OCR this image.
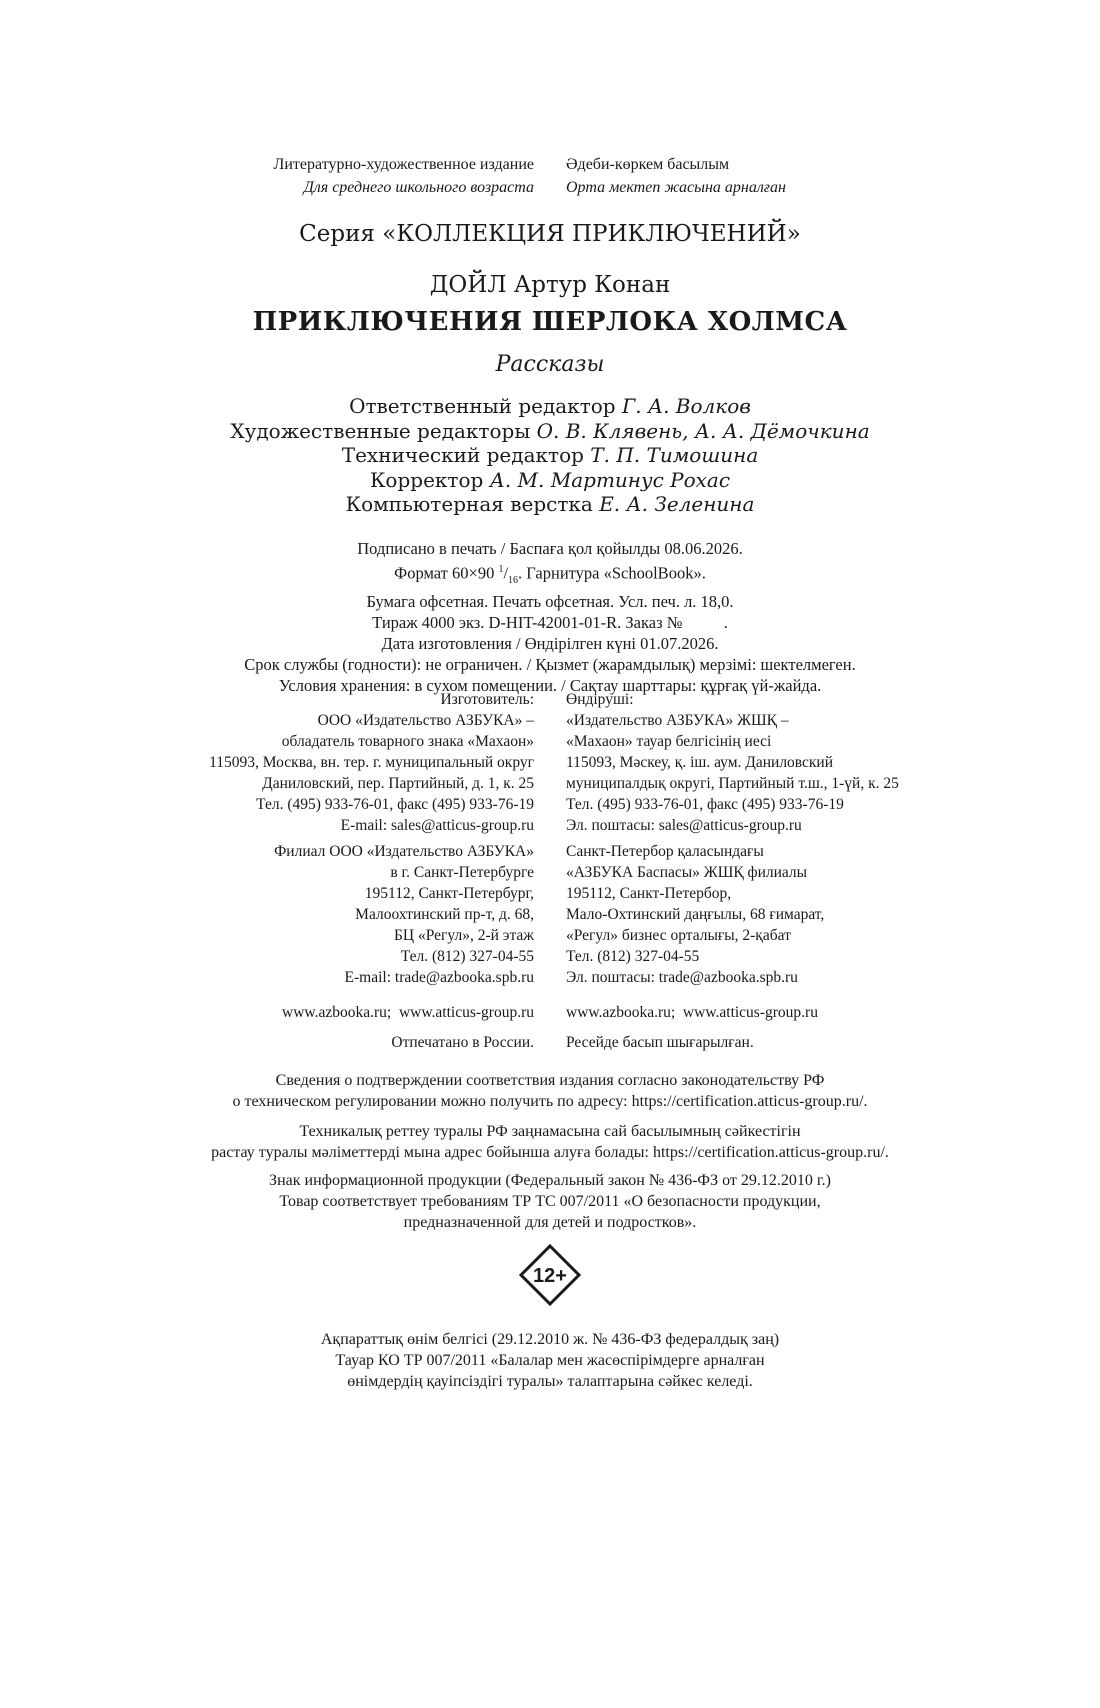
Литературно-художественное издание
Для среднего школьного возраста
Әдеби-көркем басылым
Орта мектеп жасына арналған
Серия «КОЛЛЕКЦИЯ ПРИКЛЮЧЕНИЙ»
ДОЙЛ Артур Конан
ПРИКЛЮЧЕНИЯ ШЕРЛОКА ХОЛМСА
Рассказы
Ответственный редактор Г. А. Волков
Художественные редакторы О. В. Клявень, А. А. Дёмочкина
Технический редактор Т. П. Тимошина
Корректор А. М. Мартинус Рохас
Компьютерная верстка Е. А. Зеленина
Подписано в печать / Баспаға қол қойылды 08.06.2026.
Формат 60×90 $^1/_{16}$. Гарнитура «SchoolBook».
Бумага офсетная. Печать офсетная. Усл. печ. л. 18,0.
Тираж 4000 экз. D-HIT-42001-01-R. Заказ №          .
Дата изготовления / Өндірілген күні 01.07.2026.
Срок службы (годности): не ограничен. / Қызмет (жарамдылық) мерзімі: шектелмеген.
Условия хранения: в сухом помещении. / Сақтау шарттары: құрғақ үй-жайда.
Изготовитель:
ООО «Издательство АЗБУКА» –
обладатель товарного знака «Махаон»
115093, Москва, вн. тер. г. муниципальный округ
Даниловский, пер. Партийный, д. 1, к. 25
Тел. (495) 933-76-01, факс (495) 933-76-19
E-mail: sales@atticus-group.ru
Өндіруші:
«Издательство АЗБУКА» ЖШҚ –
«Махаон» тауар белгісінің иесі
115093, Мәскеу, қ. іш. аум. Даниловский
муниципалдық округі, Партийный т.ш., 1-үй, к. 25
Тел. (495) 933-76-01, факс (495) 933-76-19
Эл. поштасы: sales@atticus-group.ru
Филиал ООО «Издательство АЗБУКА»
в г. Санкт-Петербурге
195112, Санкт-Петербург,
Малоохтинский пр-т, д. 68,
БЦ «Регул», 2-й этаж
Тел. (812) 327-04-55
E-mail: trade@azbooka.spb.ru
Санкт-Петербор қаласындағы
«АЗБУКА Баспасы» ЖШҚ филиалы
195112, Санкт-Петербор,
Мало-Охтинский даңғылы, 68 ғимарат,
«Регул» бизнес орталығы, 2-қабат
Тел. (812) 327-04-55
Эл. поштасы: trade@azbooka.spb.ru
www.azbooka.ru;  www.atticus-group.ru www.azbooka.ru;  www.atticus-group.ru
Отпечатано в России. Ресейде басып шығарылған.
Сведения о подтверждении соответствия издания согласно законодательству РФ
о техническом регулировании можно получить по адресу: https://certification.atticus-group.ru/.
Техникалық реттеу туралы РФ заңнамасына сай басылымның сәйкестігін
растау туралы мәліметтерді мына адрес бойынша алуға болады: https://certification.atticus-group.ru/.
Знак информационной продукции (Федеральный закон № 436-ФЗ от 29.12.2010 г.)
Товар соответствует требованиям ТР ТС 007/2011 «О безопасности продукции,
предназначенной для детей и подростков».
12+
Ақпараттық өнім белгісі (29.12.2010 ж. № 436-ФЗ федералдық заң)
Тауар КО ТР 007/2011 «Балалар мен жасөспірімдерге арналған
өнімдердің қауіпсіздігі туралы» талаптарына сәйкес келеді.
